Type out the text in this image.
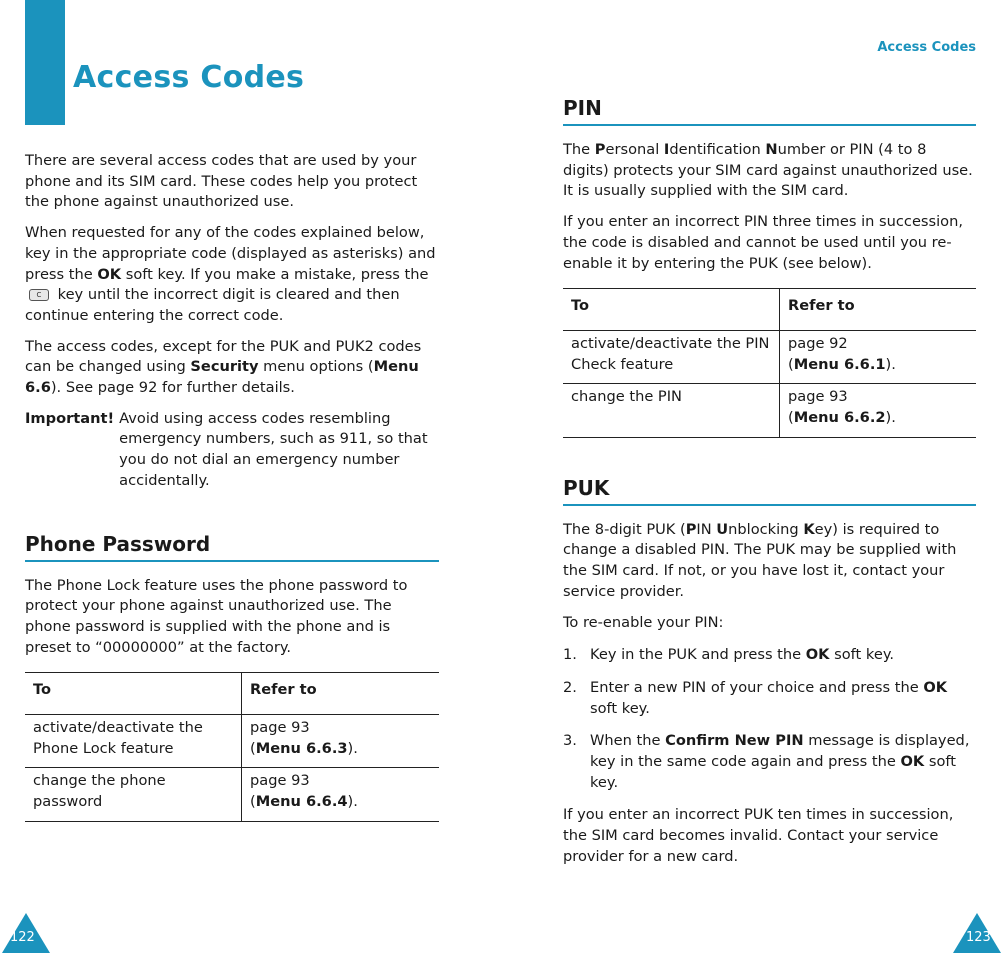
Access Codes

There are several access codes that are used by your phone and its SIM card. These codes help you protect the phone against unauthorized use.

When requested for any of the codes explained below, key in the appropriate code (displayed as asterisks) and press the OK soft key. If you make a mistake, press the C key until the incorrect digit is cleared and then continue entering the correct code.

The access codes, except for the PUK and PUK2 codes can be changed using Security menu options (Menu 6.6). See page 92 for further details.

Important! Avoid using access codes resembling emergency numbers, such as 911, so that you do not dial an emergency number accidentally.

Phone Password

The Phone Lock feature uses the phone password to protect your phone against unauthorized use. The phone password is supplied with the phone and is preset to “00000000” at the factory.

To	Refer to
activate/deactivate the Phone Lock feature	page 93
(Menu 6.6.3).
change the phone password	page 93
(Menu 6.6.4).
122
Access Codes
PIN

The Personal Identification Number or PIN (4 to 8 digits) protects your SIM card against unauthorized use. It is usually supplied with the SIM card.

If you enter an incorrect PIN three times in succession, the code is disabled and cannot be used until you re-enable it by entering the PUK (see below).

To	Refer to
activate/deactivate the PIN Check feature	page 92
(Menu 6.6.1).
change the PIN	page 93
(Menu 6.6.2).
PUK

The 8-digit PUK (PIN Unblocking Key) is required to change a disabled PIN. The PUK may be supplied with the SIM card. If not, or you have lost it, contact your service provider.

To re-enable your PIN:

1. Key in the PUK and press the OK soft key.
2. Enter a new PIN of your choice and press the OK soft key.
3. When the Confirm New PIN message is displayed, key in the same code again and press the OK soft key.

If you enter an incorrect PUK ten times in succession, the SIM card becomes invalid. Contact your service provider for a new card.

123
